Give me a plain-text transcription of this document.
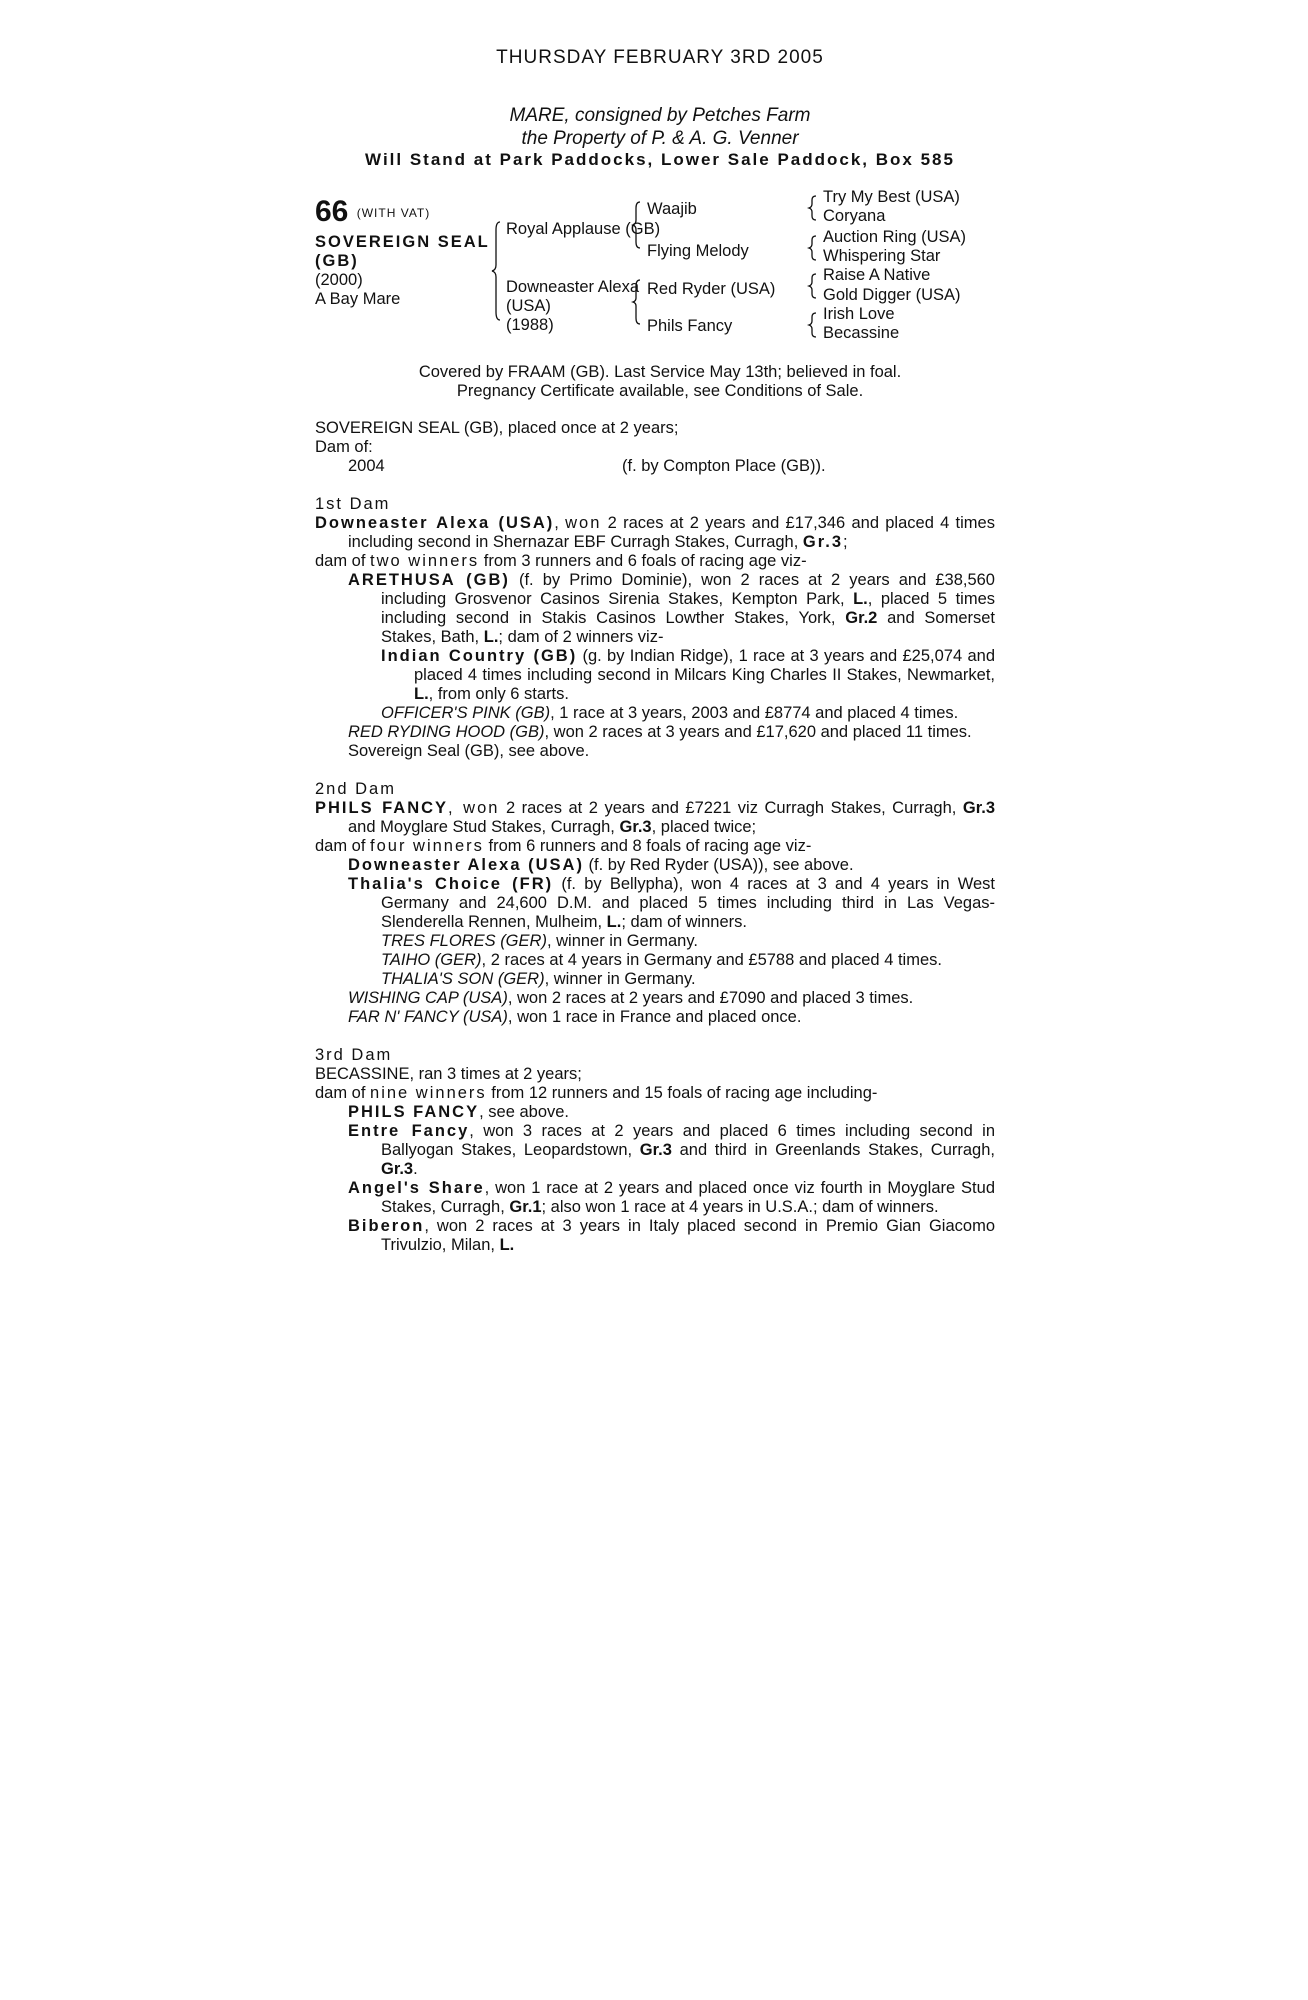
THURSDAY FEBRUARY 3RD 2005
MARE, consigned by Petches Farm
the Property of P. & A. G. Venner
Will Stand at Park Paddocks, Lower Sale Paddock, Box 585
66 (WITH VAT)
SOVEREIGN SEAL (GB)
(2000)
A Bay Mare
Royal Applause (GB)
Downeaster Alexa
(USA)
(1988)
Waajib
Flying Melody
Red Ryder (USA)
Phils Fancy
Try My Best (USA)
Coryana
Auction Ring (USA)
Whispering Star
Raise A Native
Gold Digger (USA)
Irish Love
Becassine
Covered by FRAAM (GB). Last Service May 13th; believed in foal.
Pregnancy Certificate available, see Conditions of Sale.

SOVEREIGN SEAL (GB), placed once at 2 years;

Dam of:

2004	(f. by Compton Place (GB)).

1st Dam

Downeaster Alexa (USA), won 2 races at 2 years and £17,346 and placed 4 times including second in Shernazar EBF Curragh Stakes, Curragh, Gr.3;

dam of two winners from 3 runners and 6 foals of racing age viz-

ARETHUSA (GB) (f. by Primo Dominie), won 2 races at 2 years and £38,560 including Grosvenor Casinos Sirenia Stakes, Kempton Park, L., placed 5 times including second in Stakis Casinos Lowther Stakes, York, Gr.2 and Somerset Stakes, Bath, L.; dam of 2 winners viz-

Indian Country (GB) (g. by Indian Ridge), 1 race at 3 years and £25,074 and placed 4 times including second in Milcars King Charles II Stakes, Newmarket, L., from only 6 starts.

OFFICER'S PINK (GB), 1 race at 3 years, 2003 and £8774 and placed 4 times.

RED RYDING HOOD (GB), won 2 races at 3 years and £17,620 and placed 11 times.

Sovereign Seal (GB), see above.

2nd Dam

PHILS FANCY, won 2 races at 2 years and £7221 viz Curragh Stakes, Curragh, Gr.3 and Moyglare Stud Stakes, Curragh, Gr.3, placed twice;

dam of four winners from 6 runners and 8 foals of racing age viz-

Downeaster Alexa (USA) (f. by Red Ryder (USA)), see above.

Thalia's Choice (FR) (f. by Bellypha), won 4 races at 3 and 4 years in West Germany and 24,600 D.M. and placed 5 times including third in Las Vegas-Slenderella Rennen, Mulheim, L.; dam of winners.

TRES FLORES (GER), winner in Germany.

TAIHO (GER), 2 races at 4 years in Germany and £5788 and placed 4 times.

THALIA'S SON (GER), winner in Germany.

WISHING CAP (USA), won 2 races at 2 years and £7090 and placed 3 times.

FAR N' FANCY (USA), won 1 race in France and placed once.

3rd Dam

BECASSINE, ran 3 times at 2 years;

dam of nine winners from 12 runners and 15 foals of racing age including-

PHILS FANCY, see above.

Entre Fancy, won 3 races at 2 years and placed 6 times including second in Ballyogan Stakes, Leopardstown, Gr.3 and third in Greenlands Stakes, Curragh, Gr.3.

Angel's Share, won 1 race at 2 years and placed once viz fourth in Moyglare Stud Stakes, Curragh, Gr.1; also won 1 race at 4 years in U.S.A.; dam of winners.

Biberon, won 2 races at 3 years in Italy placed second in Premio Gian Giacomo Trivulzio, Milan, L.
